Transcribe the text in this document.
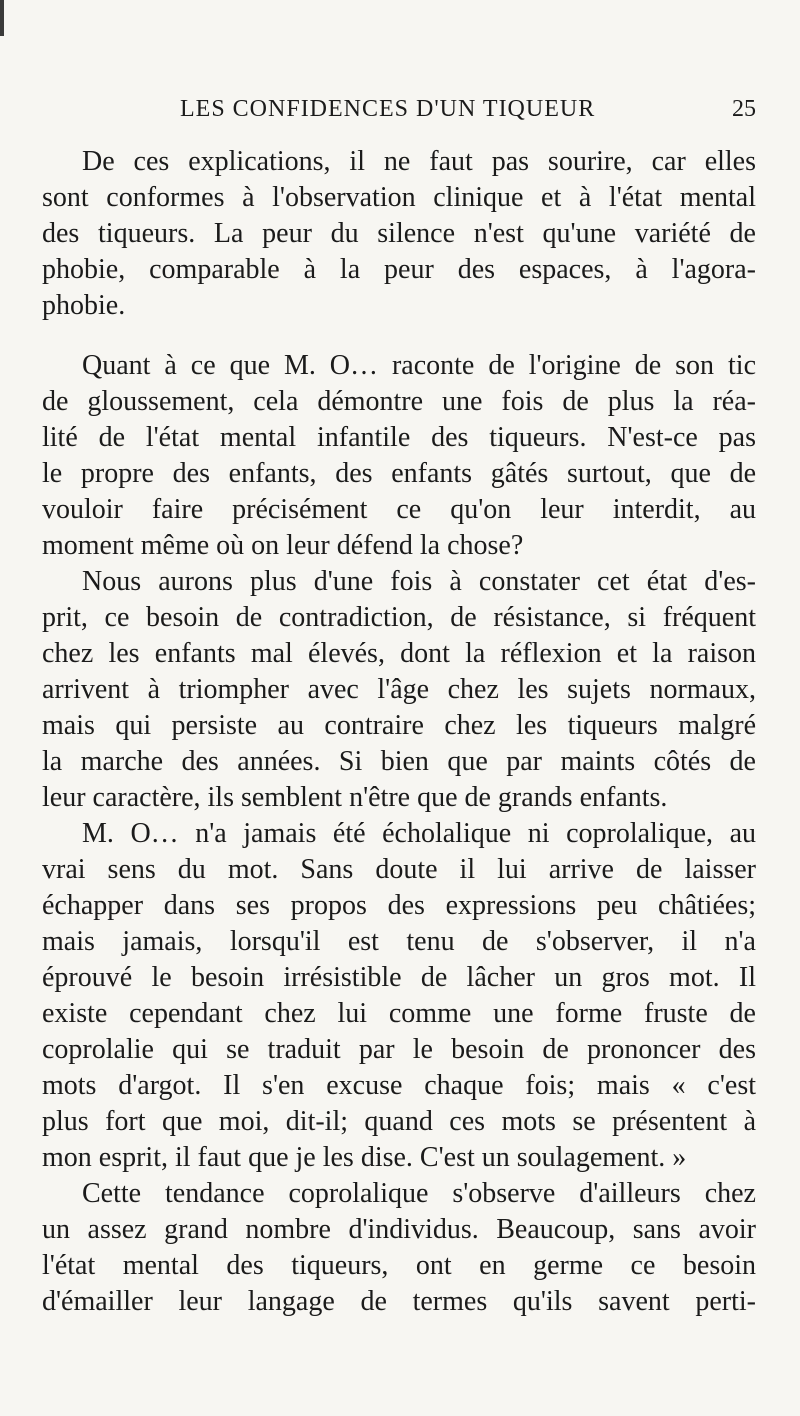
LES CONFIDENCES D'UN TIQUEUR	25
De ces explications, il ne faut pas sourire, car elles
sont conformes à l'observation clinique et à l'état mental
des tiqueurs. La peur du silence n'est qu'une variété de
phobie, comparable à la peur des espaces, à l'agora-
phobie.
Quant à ce que M. O… raconte de l'origine de son tic
de gloussement, cela démontre une fois de plus la réa-
lité de l'état mental infantile des tiqueurs. N'est-ce pas
le propre des enfants, des enfants gâtés surtout, que de
vouloir faire précisément ce qu'on leur interdit, au
moment même où on leur défend la chose?
Nous aurons plus d'une fois à constater cet état d'es-
prit, ce besoin de contradiction, de résistance, si fréquent
chez les enfants mal élevés, dont la réflexion et la raison
arrivent à triompher avec l'âge chez les sujets normaux,
mais qui persiste au contraire chez les tiqueurs malgré
la marche des années. Si bien que par maints côtés de
leur caractère, ils semblent n'être que de grands enfants.
M. O… n'a jamais été écholalique ni coprolalique, au
vrai sens du mot. Sans doute il lui arrive de laisser
échapper dans ses propos des expressions peu châtiées;
mais jamais, lorsqu'il est tenu de s'observer, il n'a
éprouvé le besoin irrésistible de lâcher un gros mot. Il
existe cependant chez lui comme une forme fruste de
coprolalie qui se traduit par le besoin de prononcer des
mots d'argot. Il s'en excuse chaque fois; mais « c'est
plus fort que moi, dit-il; quand ces mots se présentent à
mon esprit, il faut que je les dise. C'est un soulagement. »
Cette tendance coprolalique s'observe d'ailleurs chez
un assez grand nombre d'individus. Beaucoup, sans avoir
l'état mental des tiqueurs, ont en germe ce besoin
d'émailler leur langage de termes qu'ils savent perti-
